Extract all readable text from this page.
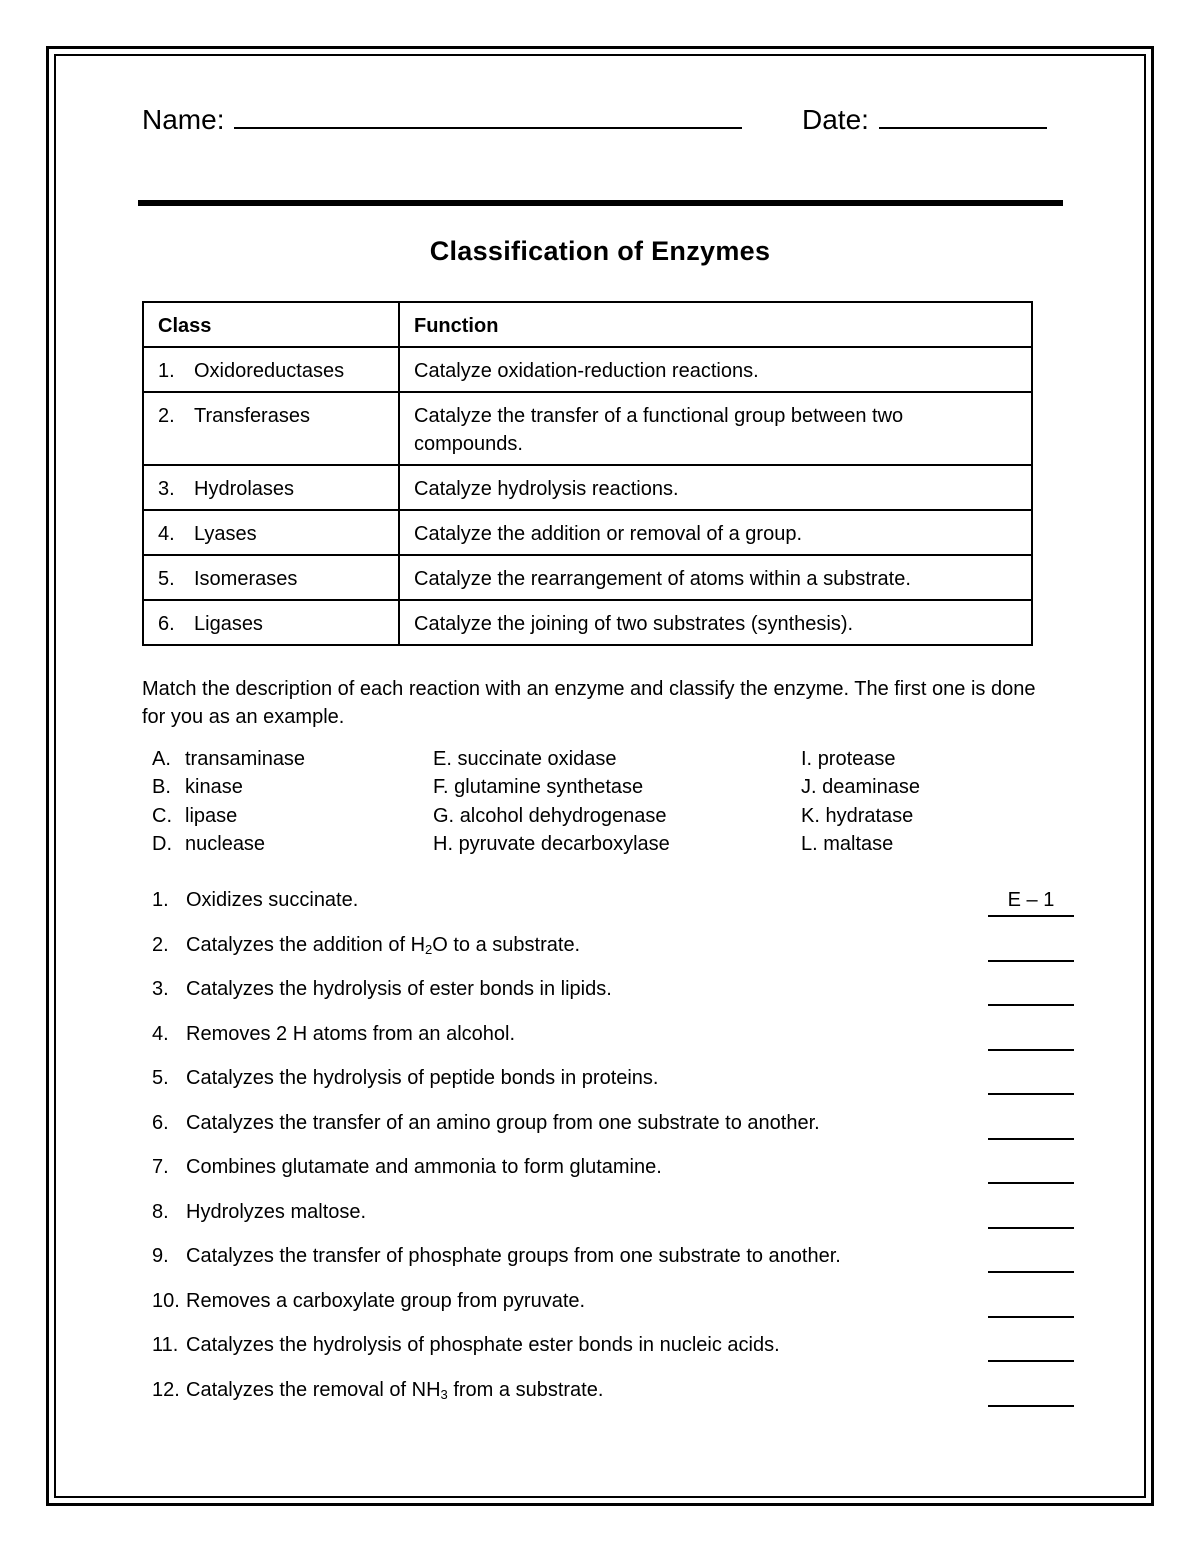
Name:	Date:
Classification of Enzymes
Class	Function
1. Oxidoreductases	Catalyze oxidation-reduction reactions.
2. Transferases	Catalyze the transfer of a functional group between two compounds.
3. Hydrolases	Catalyze hydrolysis reactions.
4. Lyases	Catalyze the addition or removal of a group.
5. Isomerases	Catalyze the rearrangement of atoms within a substrate.
6. Ligases	Catalyze the joining of two substrates (synthesis).
Match the description of each reaction with an enzyme and classify the enzyme. The first one is done for you as an example.
A. transaminase
B. kinase
C. lipase
D. nuclease
E. succinate oxidase
F. glutamine synthetase
G. alcohol dehydrogenase
H. pyruvate decarboxylase
I. protease
J. deaminase
K. hydratase
L. maltase
1. Oxidizes succinate.	E – 1
2. Catalyzes the addition of $H_2O$ to a substrate.
3. Catalyzes the hydrolysis of ester bonds in lipids.
4. Removes 2 H atoms from an alcohol.
5. Catalyzes the hydrolysis of peptide bonds in proteins.
6. Catalyzes the transfer of an amino group from one substrate to another.
7. Combines glutamate and ammonia to form glutamine.
8. Hydrolyzes maltose.
9. Catalyzes the transfer of phosphate groups from one substrate to another.
10. Removes a carboxylate group from pyruvate.
11. Catalyzes the hydrolysis of phosphate ester bonds in nucleic acids.
12. Catalyzes the removal of $NH_3$ from a substrate.
